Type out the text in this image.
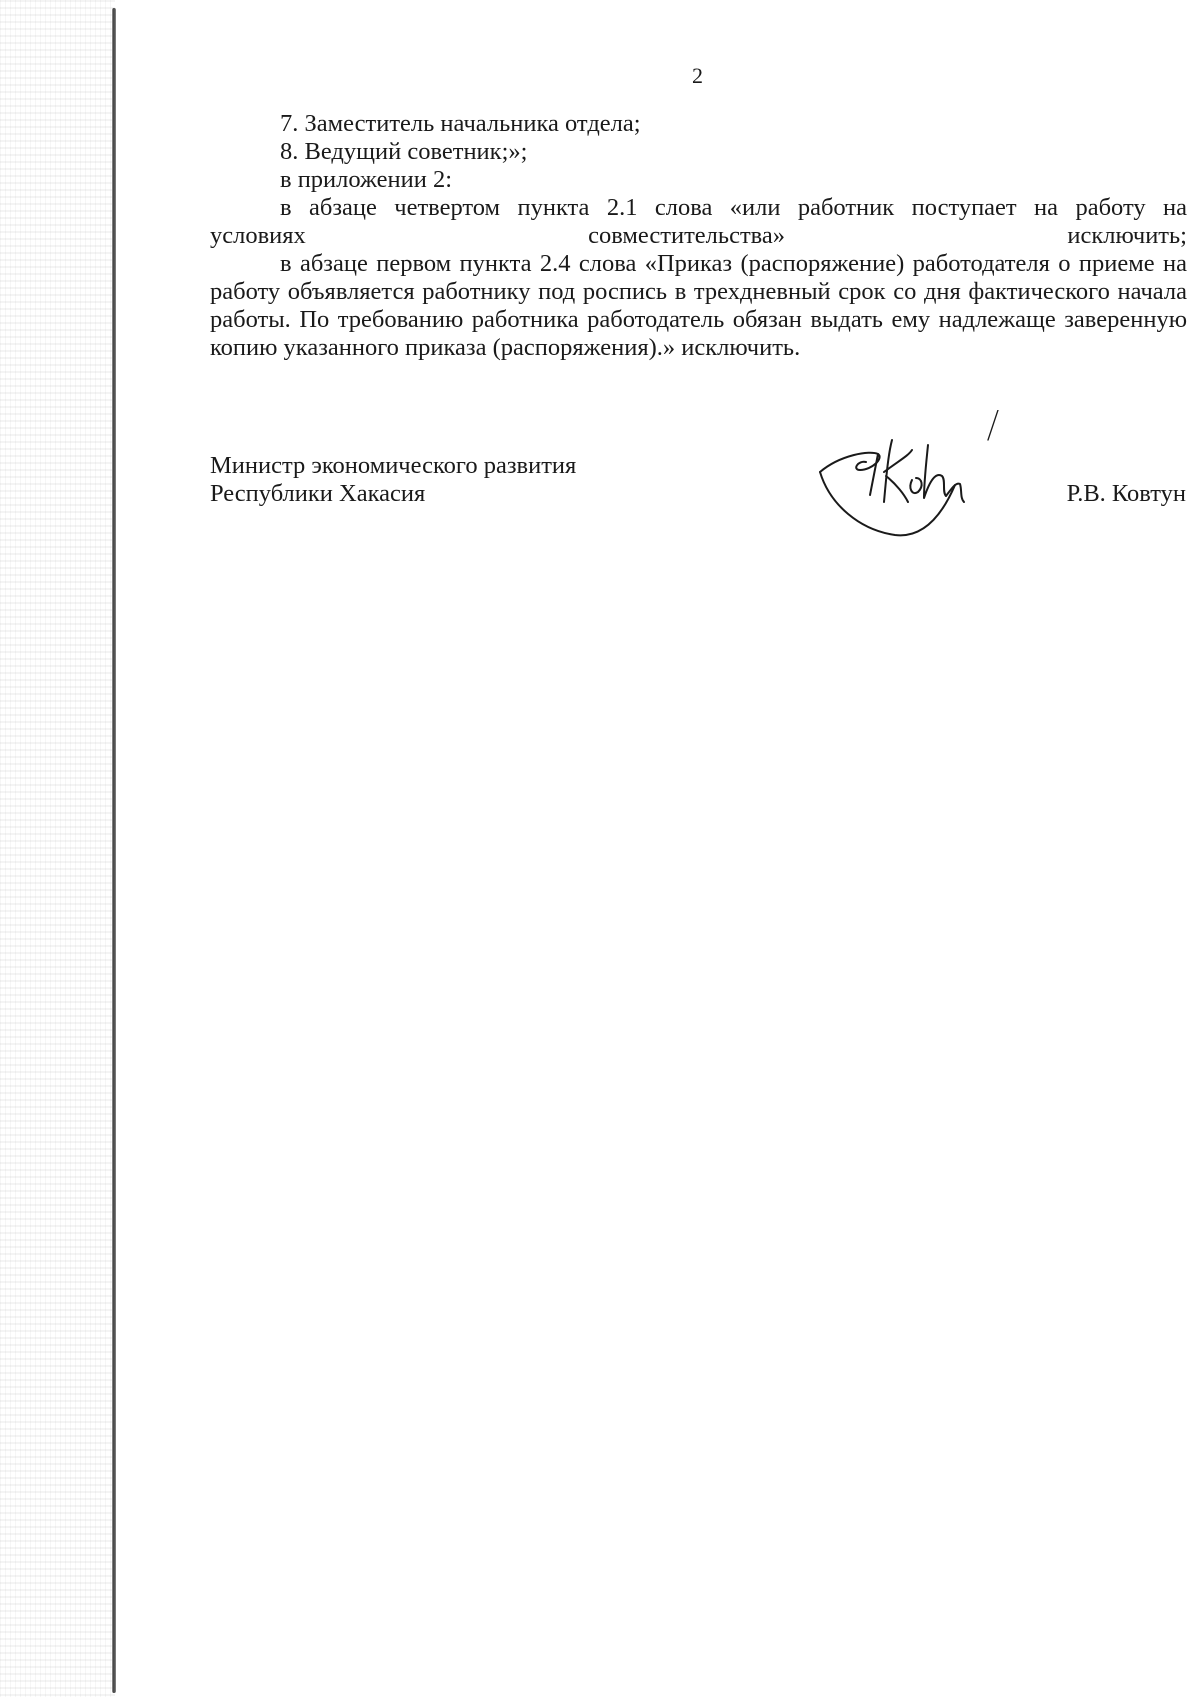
2

7. Заместитель начальника отдела;

8. Ведущий советник;»;

в приложении 2:

в абзаце четвертом пункта 2.1 слова «или работник поступает на работу на условиях совместительства» исключить;

в абзаце первом пункта 2.4 слова «Приказ (распоряжение) работодателя о приеме на работу объявляется работнику под роспись в трехдневный срок со дня фактического начала работы. По требованию работника работодатель обязан выдать ему надлежаще заверенную копию указанного приказа (распоряжения).» исключить.

Министр экономического развития

Республики Хакасия	Р.В. Ковтун
